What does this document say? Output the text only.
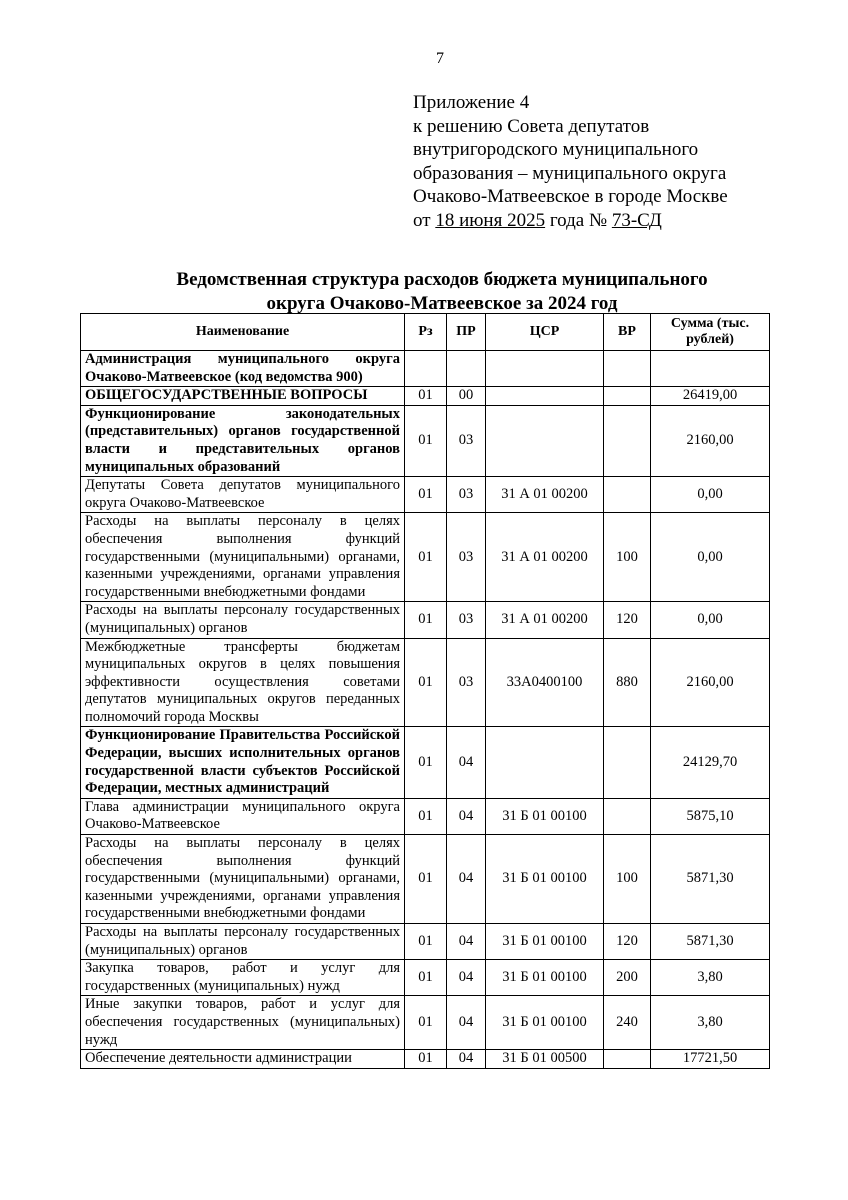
7
Приложение 4
к решению Совета депутатов
внутригородского муниципального
образования – муниципального округа
Очаково-Матвеевское в городе Москве
от 18 июня 2025 года № 73-СД
Ведомственная структура расходов бюджета муниципального
округа Очаково-Матвеевское за 2024 год
Наименование	Рз	ПР	ЦСР	ВР	Сумма (тыс. рублей)
Администрация муниципального округа Очаково-Матвеевское (код ведомства 900)					
ОБЩЕГОСУДАРСТВЕННЫЕ ВОПРОСЫ	01	00			26419,00
Функционирование законодательных (представительных) органов государственной власти и представительных органов муниципальных образований	01	03			2160,00
Депутаты Совета депутатов муниципального округа Очаково-Матвеевское	01	03	31 А 01 00200		0,00
Расходы на выплаты персоналу в целях обеспечения выполнения функций государственными (муниципальными) органами, казенными учреждениями, органами управления государственными внебюджетными фондами	01	03	31 А 01 00200	100	0,00
Расходы на выплаты персоналу государственных (муниципальных) органов	01	03	31 А 01 00200	120	0,00
Межбюджетные трансферты бюджетам муниципальных округов в целях повышения эффективности осуществления советами депутатов муниципальных округов переданных полномочий города Москвы	01	03	33А0400100	880	2160,00
Функционирование Правительства Российской Федерации, высших исполнительных органов государственной власти субъектов Российской Федерации, местных администраций	01	04			24129,70
Глава администрации муниципального округа Очаково-Матвеевское	01	04	31 Б 01 00100		5875,10
Расходы на выплаты персоналу в целях обеспечения выполнения функций государственными (муниципальными) органами, казенными учреждениями, органами управления государственными внебюджетными фондами	01	04	31 Б 01 00100	100	5871,30
Расходы на выплаты персоналу государственных (муниципальных) органов	01	04	31 Б 01 00100	120	5871,30
Закупка товаров, работ и услуг для государственных (муниципальных) нужд	01	04	31 Б 01 00100	200	3,80
Иные закупки товаров, работ и услуг для обеспечения государственных (муниципальных) нужд	01	04	31 Б 01 00100	240	3,80
Обеспечение деятельности администрации	01	04	31 Б 01 00500		17721,50
